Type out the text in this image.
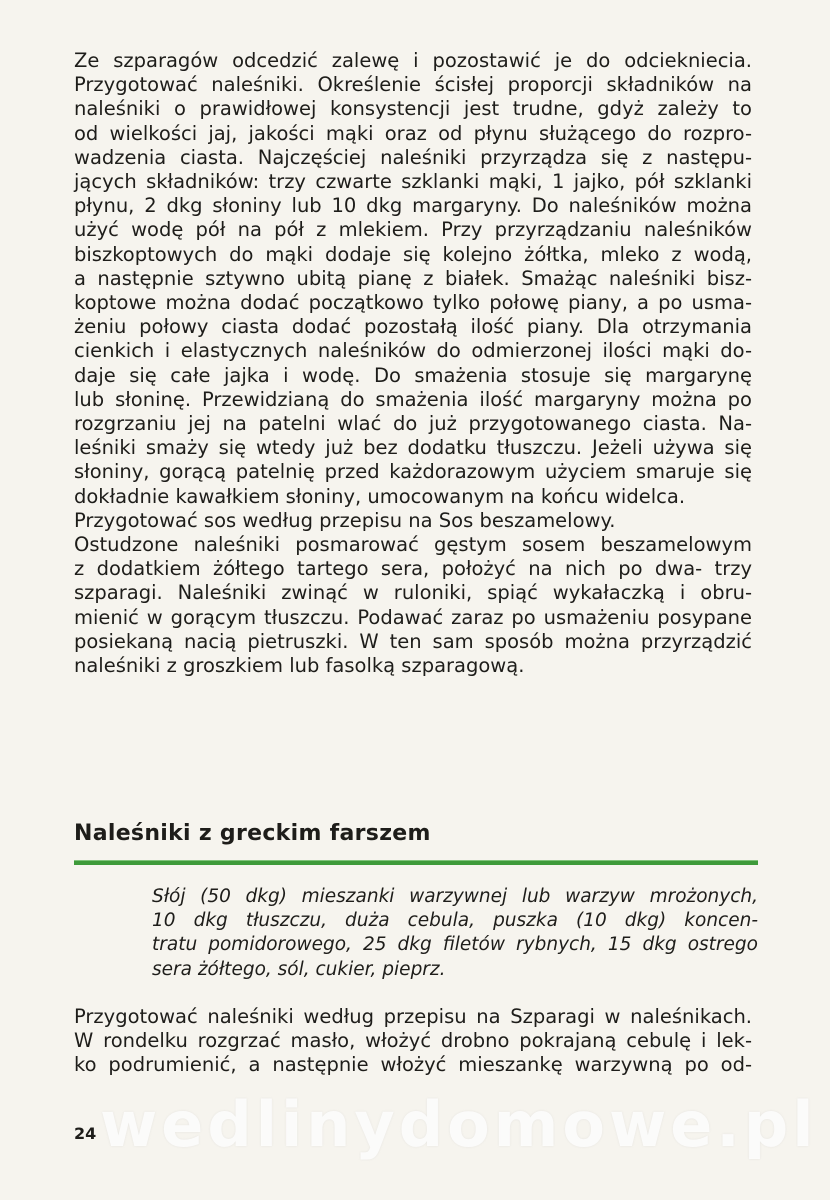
Ze szparagów odcedzić zalewę i pozostawić je do odciekniecia.
Przygotować naleśniki. Określenie ścisłej proporcji składników na
naleśniki o prawidłowej konsystencji jest trudne, gdyż zależy to
od wielkości jaj, jakości mąki oraz od płynu służącego do rozpro-
wadzenia ciasta. Najczęściej naleśniki przyrządza się z następu-
jących składników: trzy czwarte szklanki mąki, 1 jajko, pół szklanki
płynu, 2 dkg słoniny lub 10 dkg margaryny. Do naleśników można
użyć wodę pół na pół z mlekiem. Przy przyrządzaniu naleśników
biszkoptowych do mąki dodaje się kolejno żółtka, mleko z wodą,
a następnie sztywno ubitą pianę z białek. Smażąc naleśniki bisz-
koptowe można dodać początkowo tylko połowę piany, a po usma-
żeniu połowy ciasta dodać pozostałą ilość piany. Dla otrzymania
cienkich i elastycznych naleśników do odmierzonej ilości mąki do-
daje się całe jajka i wodę. Do smażenia stosuje się margarynę
lub słoninę. Przewidzianą do smażenia ilość margaryny można po
rozgrzaniu jej na patelni wlać do już przygotowanego ciasta. Na-
leśniki smaży się wtedy już bez dodatku tłuszczu. Jeżeli używa się
słoniny, gorącą patelnię przed każdorazowym użyciem smaruje się
dokładnie kawałkiem słoniny, umocowanym na końcu widelca.
Przygotować sos według przepisu na Sos beszamelowy.
Ostudzone naleśniki posmarować gęstym sosem beszamelowym
z dodatkiem żółtego tartego sera, położyć na nich po dwa- trzy
szparagi. Naleśniki zwinąć w ruloniki, spiąć wykałaczką i obru-
mienić w gorącym tłuszczu. Podawać zaraz po usmażeniu posypane
posiekaną nacią pietruszki. W ten sam sposób można przyrządzić
naleśniki z groszkiem lub fasolką szparagową.
Naleśniki z greckim farszem
Słój (50 dkg) mieszanki warzywnej lub warzyw mrożonych,
10 dkg tłuszczu, duża cebula, puszka (10 dkg) koncen-
tratu pomidorowego, 25 dkg filetów rybnych, 15 dkg ostrego
sera żółtego, sól, cukier, pieprz.
Przygotować naleśniki według przepisu na Szparagi w naleśnikach.
W rondelku rozgrzać masło, włożyć drobno pokrajaną cebulę i lek-
ko podrumienić, a następnie włożyć mieszankę warzywną po od-
wedlinydomowe.pl
24
